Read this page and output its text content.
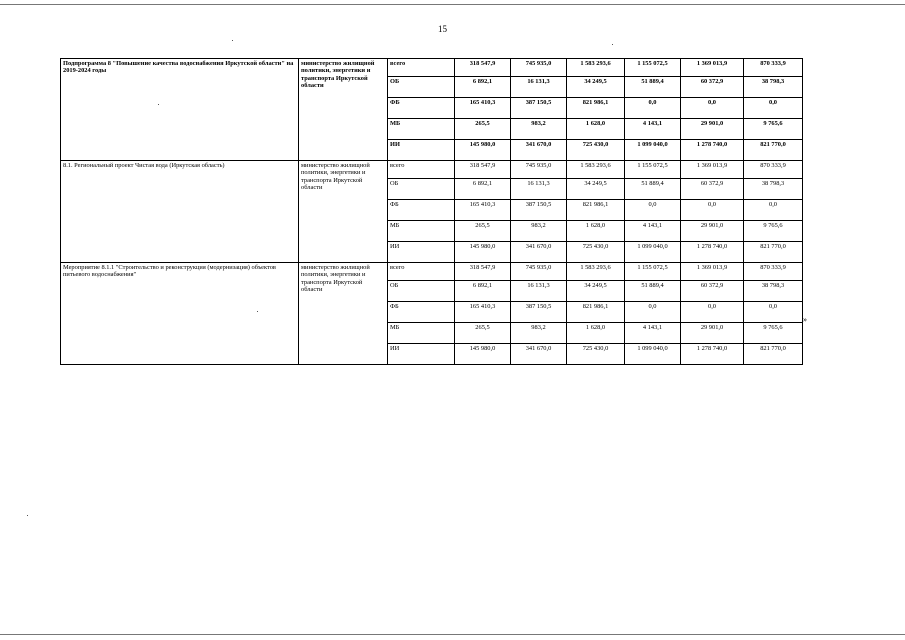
15
Подпрограмма 8 "Повышение качества водоснабжения Иркутской области" на 2019-2024 годы	министерство жилищной политики, энергетики и транспорта Иркутской области	всего	318 547,9	745 935,0	1 583 293,6	1 155 072,5	1 369 013,9	870 333,9
		ОБ	6 892,1	16 131,3	34 249,5	51 889,4	60 372,9	38 798,3
		ФБ	165 410,3	387 150,5	821 986,1	0,0	0,0	0,0
		МБ	265,5	983,2	1 628,0	4 143,1	29 901,0	9 765,6
		ИИ	145 980,0	341 670,0	725 430,0	1 099 040,0	1 278 740,0	821 770,0
8.1. Региональный проект Чистая вода (Иркутская область)	министерство жилищной политики, энергетики и транспорта Иркутской области	всего	318 547,9	745 935,0	1 583 293,6	1 155 072,5	1 369 013,9	870 333,9
		ОБ	6 892,1	16 131,3	34 249,5	51 889,4	60 372,9	38 798,3
		ФБ	165 410,3	387 150,5	821 986,1	0,0	0,0	0,0
		МБ	265,5	983,2	1 628,0	4 143,1	29 901,0	9 765,6
		ИИ	145 980,0	341 670,0	725 430,0	1 099 040,0	1 278 740,0	821 770,0
Мероприятие 8.1.1 "Строительство и реконструкция (модернизация) объектов питьевого водоснабжения"	министерство жилищной политики, энергетики и транспорта Иркутской области	всего	318 547,9	745 935,0	1 583 293,6	1 155 072,5	1 369 013,9	870 333,9
		ОБ	6 892,1	16 131,3	34 249,5	51 889,4	60 372,9	38 798,3
		ФБ	165 410,3	387 150,5	821 986,1	0,0	0,0	0,0
		МБ	265,5	983,2	1 628,0	4 143,1	29 901,0	9 765,6
		ИИ	145 980,0	341 670,0	725 430,0	1 099 040,0	1 278 740,0	821 770,0
»
